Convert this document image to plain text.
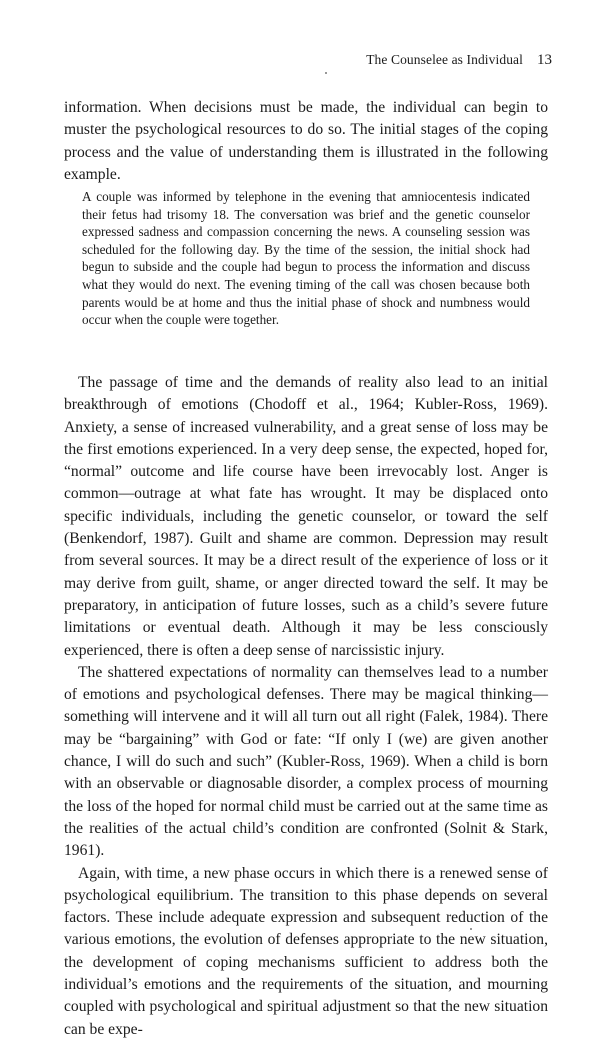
The Counselee as Individual 13

information. When decisions must be made, the individual can begin to muster the psychological resources to do so. The initial stages of the coping process and the value of understanding them is illustrated in the following example.

A couple was informed by telephone in the evening that amniocentesis indicated their fetus had trisomy 18. The conversation was brief and the genetic counselor expressed sadness and compassion concerning the news. A counseling session was scheduled for the following day. By the time of the session, the initial shock had begun to subside and the couple had begun to process the information and discuss what they would do next. The evening timing of the call was chosen because both parents would be at home and thus the initial phase of shock and numbness would occur when the couple were together.

The passage of time and the demands of reality also lead to an initial breakthrough of emotions (Chodoff et al., 1964; Kubler-Ross, 1969). Anxiety, a sense of increased vulnerability, and a great sense of loss may be the first emotions experienced. In a very deep sense, the expected, hoped for, “normal” outcome and life course have been irrevocably lost. Anger is common—outrage at what fate has wrought. It may be displaced onto specific individuals, including the genetic counselor, or toward the self (Benkendorf, 1987). Guilt and shame are common. Depression may result from several sources. It may be a direct result of the experience of loss or it may derive from guilt, shame, or anger directed toward the self. It may be preparatory, in anticipation of future losses, such as a child’s severe future limitations or eventual death. Although it may be less consciously experienced, there is often a deep sense of narcissistic injury.

The shattered expectations of normality can themselves lead to a number of emotions and psychological defenses. There may be magical thinking—something will intervene and it will all turn out all right (Falek, 1984). There may be “bargaining” with God or fate: “If only I (we) are given another chance, I will do such and such” (Kubler-Ross, 1969). When a child is born with an observable or diagnosable disorder, a complex process of mourning the loss of the hoped for normal child must be carried out at the same time as the realities of the actual child’s condition are confronted (Solnit & Stark, 1961).

Again, with time, a new phase occurs in which there is a renewed sense of psychological equilibrium. The transition to this phase depends on several factors. These include adequate expression and subsequent reduction of the various emotions, the evolution of defenses appropriate to the new situation, the development of coping mechanisms sufficient to address both the individual’s emotions and the requirements of the situation, and mourning coupled with psychological and spiritual adjustment so that the new situation can be expe-
